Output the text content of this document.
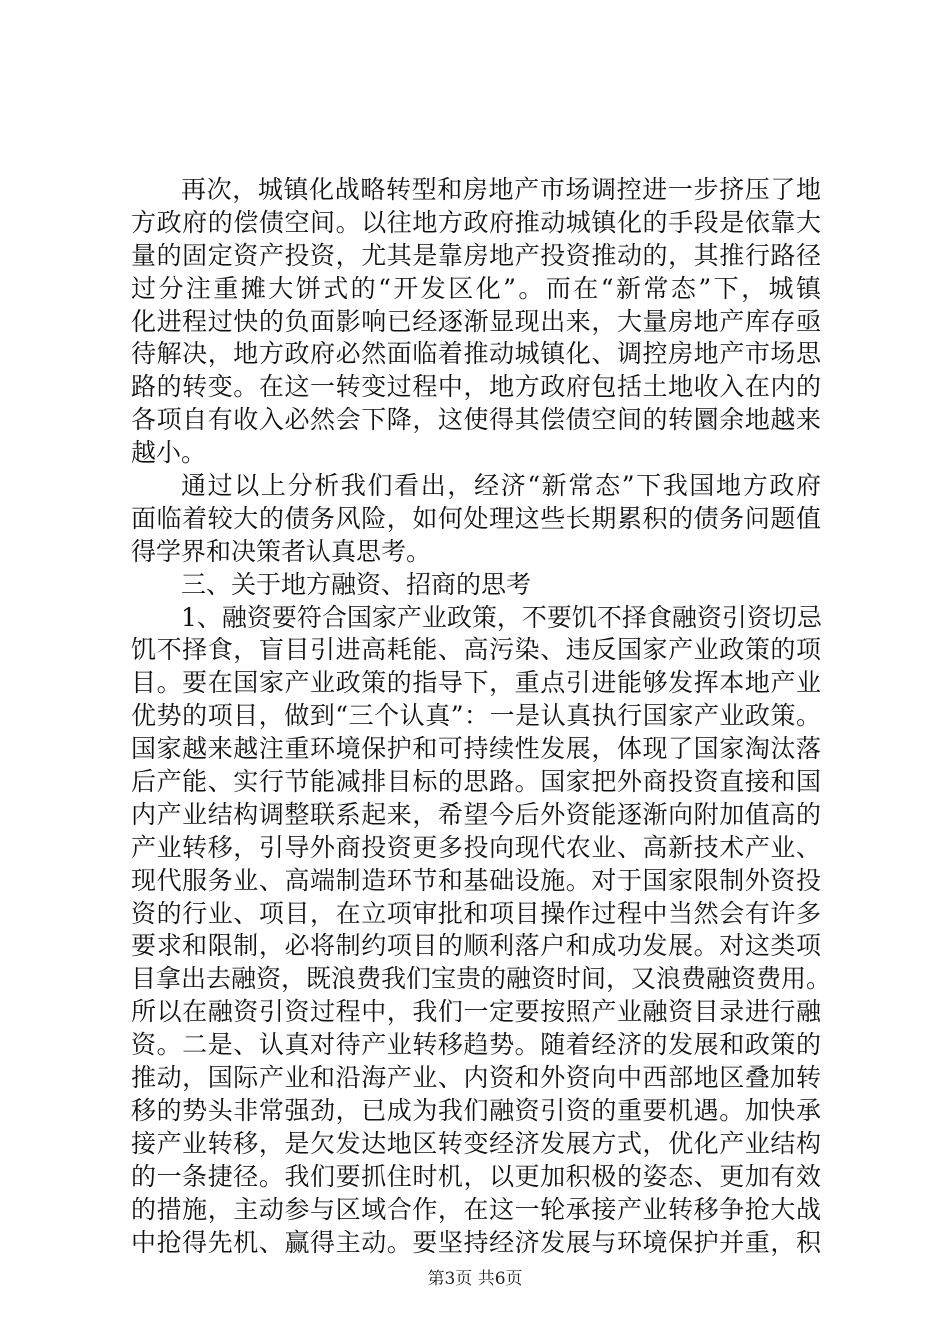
再次，城镇化战略转型和房地产市场调控进一步挤压了地
方政府的偿债空间。以往地方政府推动城镇化的手段是依靠大
量的固定资产投资，尤其是靠房地产投资推动的，其推行路径
过分注重摊大饼式的“开发区化”。而在“新常态”下，城镇
化进程过快的负面影响已经逐渐显现出来，大量房地产库存亟
待解决，地方政府必然面临着推动城镇化、调控房地产市场思
路的转变。在这一转变过程中，地方政府包括土地收入在内的
各项自有收入必然会下降，这使得其偿债空间的转圜余地越来
越小。
通过以上分析我们看出，经济“新常态”下我国地方政府
面临着较大的债务风险，如何处理这些长期累积的债务问题值
得学界和决策者认真思考。
三、关于地方融资、招商的思考
1、融资要符合国家产业政策，不要饥不择食融资引资切忌
饥不择食，盲目引进高耗能、高污染、违反国家产业政策的项
目。要在国家产业政策的指导下，重点引进能够发挥本地产业
优势的项目，做到“三个认真”：一是认真执行国家产业政策。
国家越来越注重环境保护和可持续性发展，体现了国家淘汰落
后产能、实行节能减排目标的思路。国家把外商投资直接和国
内产业结构调整联系起来，希望今后外资能逐渐向附加值高的
产业转移，引导外商投资更多投向现代农业、高新技术产业、
现代服务业、高端制造环节和基础设施。对于国家限制外资投
资的行业、项目，在立项审批和项目操作过程中当然会有许多
要求和限制，必将制约项目的顺利落户和成功发展。对这类项
目拿出去融资，既浪费我们宝贵的融资时间，又浪费融资费用。
所以在融资引资过程中，我们一定要按照产业融资目录进行融
资。二是、认真对待产业转移趋势。随着经济的发展和政策的
推动，国际产业和沿海产业、内资和外资向中西部地区叠加转
移的势头非常强劲，已成为我们融资引资的重要机遇。加快承
接产业转移，是欠发达地区转变经济发展方式，优化产业结构
的一条捷径。我们要抓住时机，以更加积极的姿态、更加有效
的措施，主动参与区域合作，在这一轮承接产业转移争抢大战
中抢得先机、赢得主动。要坚持经济发展与环境保护并重，积
第3页 共6页
